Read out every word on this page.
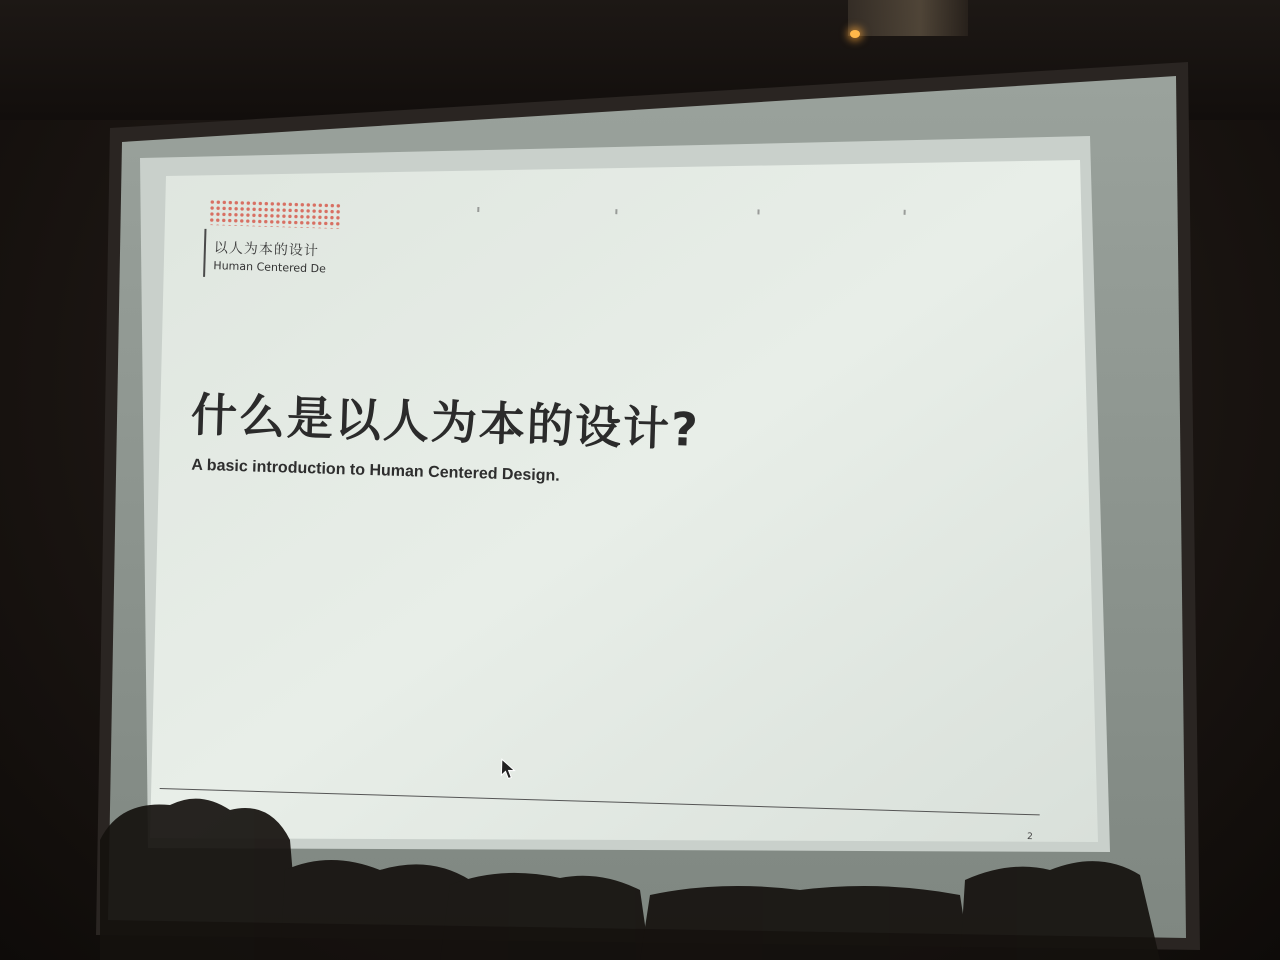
以人为本的设计
Human Centered De
什么是以人为本的设计?
A basic introduction to Human Centered Design.
2
